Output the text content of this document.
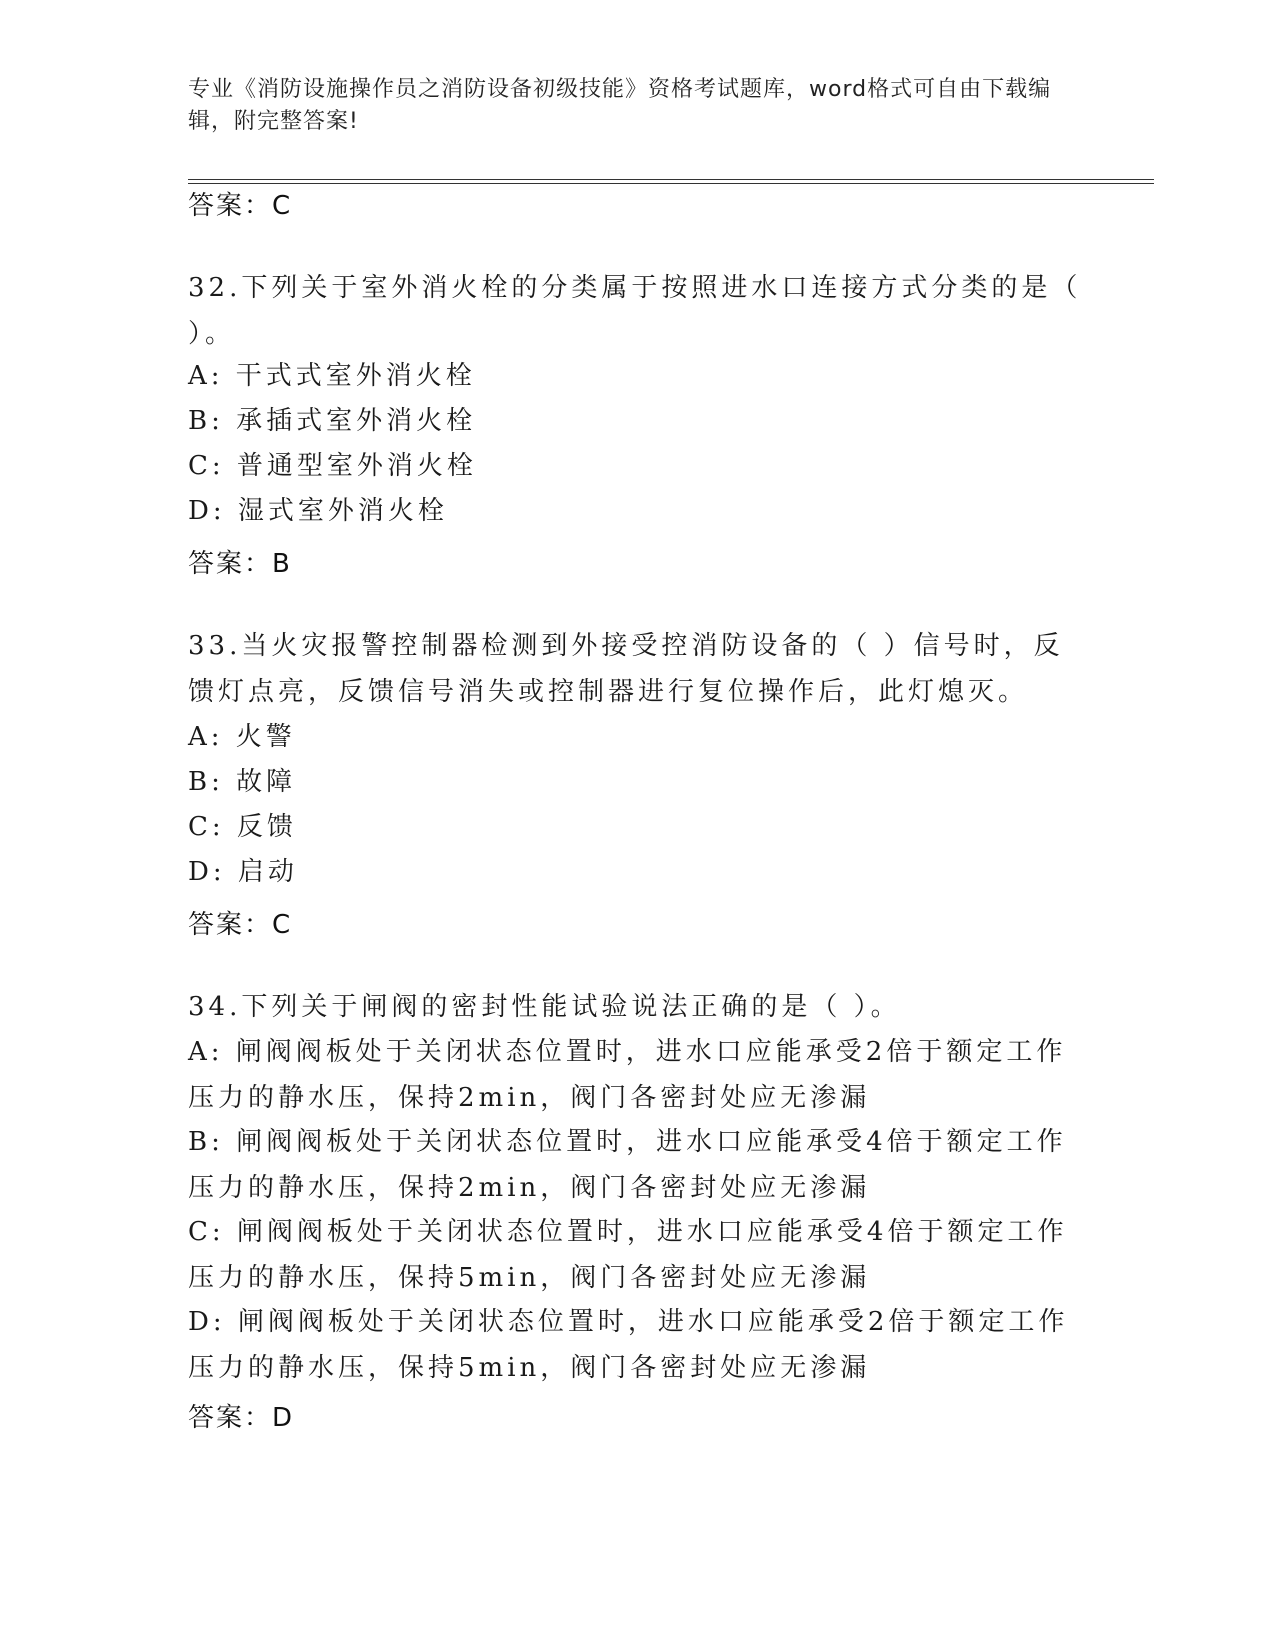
专业《消防设施操作员之消防设备初级技能》资格考试题库，word格式可自由下载编辑，附完整答案!
答案：C
32.下列关于室外消火栓的分类属于按照进水口连接方式分类的是（ ）。
A: 干式式室外消火栓
B: 承插式室外消火栓
C: 普通型室外消火栓
D: 湿式室外消火栓
答案：B
33.当火灾报警控制器检测到外接受控消防设备的（ ）信号时，反馈灯点亮，反馈信号消失或控制器进行复位操作后，此灯熄灭。
A: 火警
B: 故障
C: 反馈
D: 启动
答案：C
34.下列关于闸阀的密封性能试验说法正确的是（ ）。
A: 闸阀阀板处于关闭状态位置时，进水口应能承受2倍于额定工作压力的静水压，保持2min，阀门各密封处应无渗漏
B: 闸阀阀板处于关闭状态位置时，进水口应能承受4倍于额定工作压力的静水压，保持2min，阀门各密封处应无渗漏
C: 闸阀阀板处于关闭状态位置时，进水口应能承受4倍于额定工作压力的静水压，保持5min，阀门各密封处应无渗漏
D: 闸阀阀板处于关闭状态位置时，进水口应能承受2倍于额定工作压力的静水压，保持5min，阀门各密封处应无渗漏
答案：D
